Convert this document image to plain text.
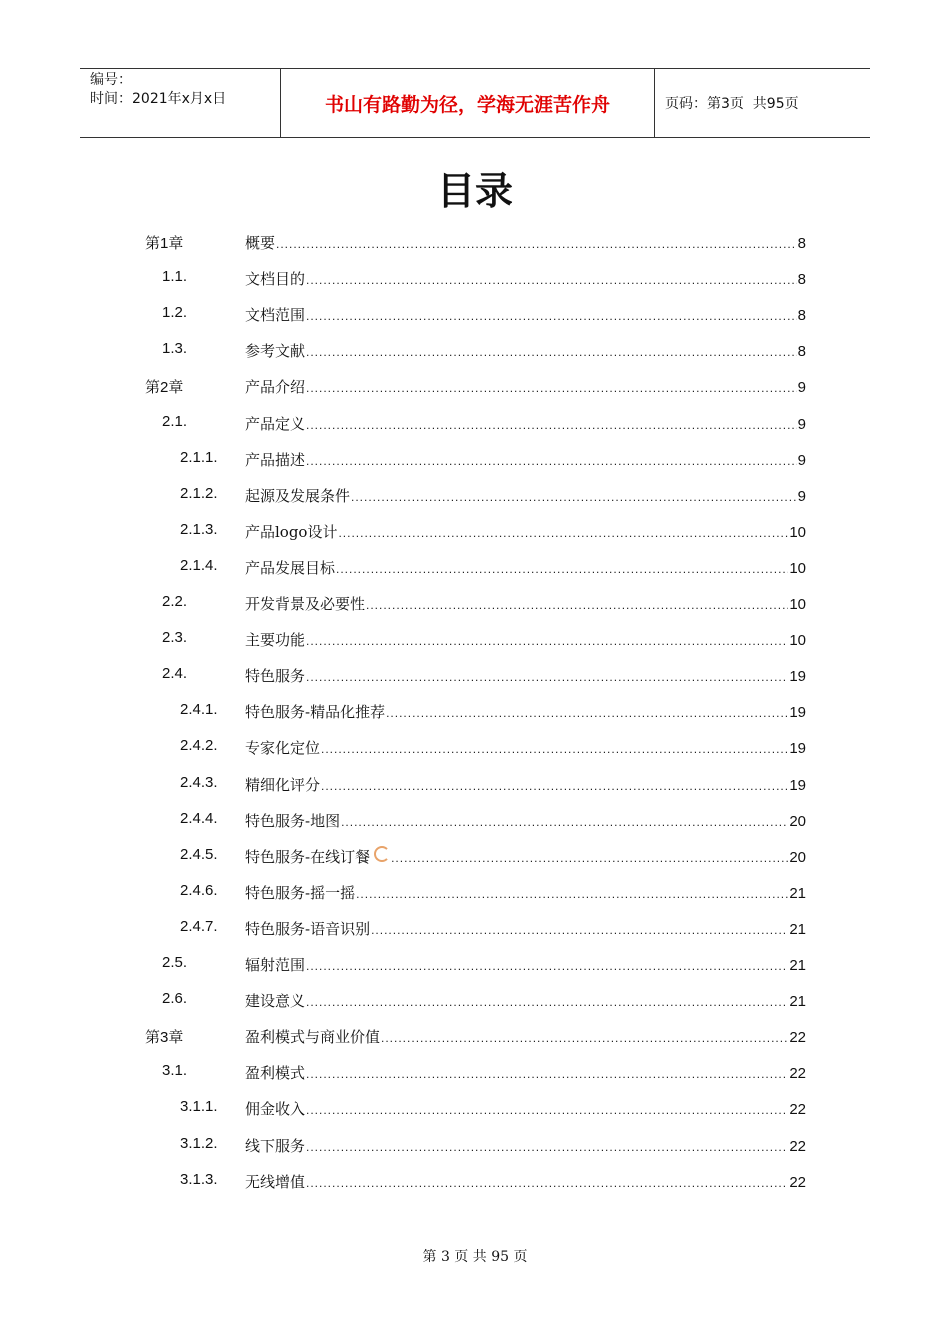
编号：
时间：2021年x月x日	书山有路勤为径，学海无涯苦作舟	页码：第3页  共95页
目录
第1章	概要 .....	8
1.1.	文档目的 .....	8
1.2.	文档范围 .....	8
1.3.	参考文献 .....	8
第2章	产品介绍 .....	9
2.1.	产品定义 .....	9
2.1.1. 产品描述 .....	9
2.1.2. 起源及发展条件 .....	9
2.1.3. 产品logo设计 .....	10
2.1.4. 产品发展目标 .....	10
2.2.	开发背景及必要性 .....	10
2.3.	主要功能 .....	10
2.4.	特色服务 .....	19
2.4.1. 特色服务-精品化推荐 .....	19
2.4.2. 专家化定位 .....	19
2.4.3. 精细化评分 .....	19
2.4.4. 特色服务-地图 .....	20
2.4.5. 特色服务-在线订餐 .....	20
2.4.6. 特色服务-摇一摇 .....	21
2.4.7. 特色服务-语音识别 .....	21
2.5.	辐射范围 .....	21
2.6.	建设意义 .....	21
第3章	盈利模式与商业价值 .....	22
3.1.	盈利模式 .....	22
3.1.1. 佣金收入 .....	22
3.1.2. 线下服务 .....	22
3.1.3. 无线增值 .....	22
第 3 页 共 95 页
